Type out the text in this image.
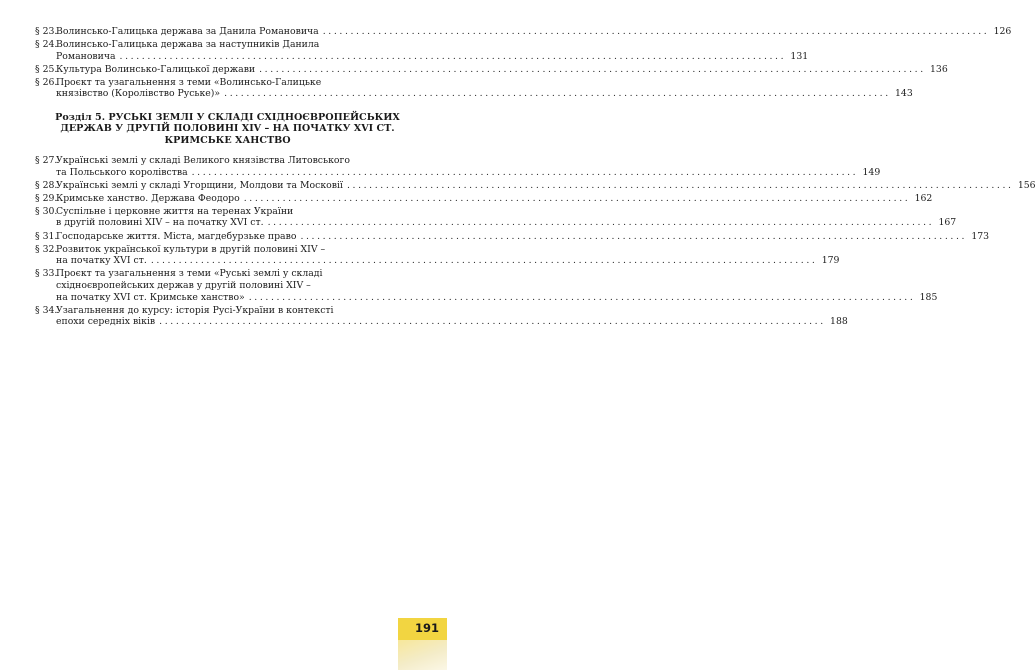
§ 23.
Волинсько-Галицька держава за Данила Романовича ........................................................................................................................ 126
§ 24.
Волинсько-Галицька держава за наступників Данила
Романовича ........................................................................................................................ 131
§ 25.
Культура Волинсько-Галицької держави ........................................................................................................................ 136
§ 26.
Проєкт та узагальнення з теми «Волинсько-Галицьке
князівство (Королівство Руське)» ........................................................................................................................ 143
Розділ 5. РУСЬКІ ЗЕМЛІ У СКЛАДІ СХІДНОЄВРОПЕЙСЬКИХ
ДЕРЖАВ У ДРУГІЙ ПОЛОВИНІ XIV – НА ПОЧАТКУ XVI СТ.
КРИМСЬКЕ ХАНСТВО
§ 27.
Українські землі у складі Великого князівства Литовського
та Польського королівства ........................................................................................................................ 149
§ 28.
Українські землі у складі Угорщини, Молдови та Московії ........................................................................................................................ 156
§ 29.
Кримське ханство. Держава Феодоро ........................................................................................................................ 162
§ 30.
Суспільне і церковне життя на теренах України
в другій половині XIV – на початку XVI ст. ........................................................................................................................ 167
§ 31.
Господарське життя. Міста, магдебурзьке право ........................................................................................................................ 173
§ 32.
Розвиток української культури в другій половині XIV –
на початку XVI ст. ........................................................................................................................ 179
§ 33.
Проєкт та узагальнення з теми «Руські землі у складі
східноєвропейських держав у другій половині XIV –
на початку XVI ст. Кримське ханство» ........................................................................................................................ 185
§ 34.
Узагальнення до курсу: історія Русі-України в контексті
епохи середніх віків ........................................................................................................................ 188
191
